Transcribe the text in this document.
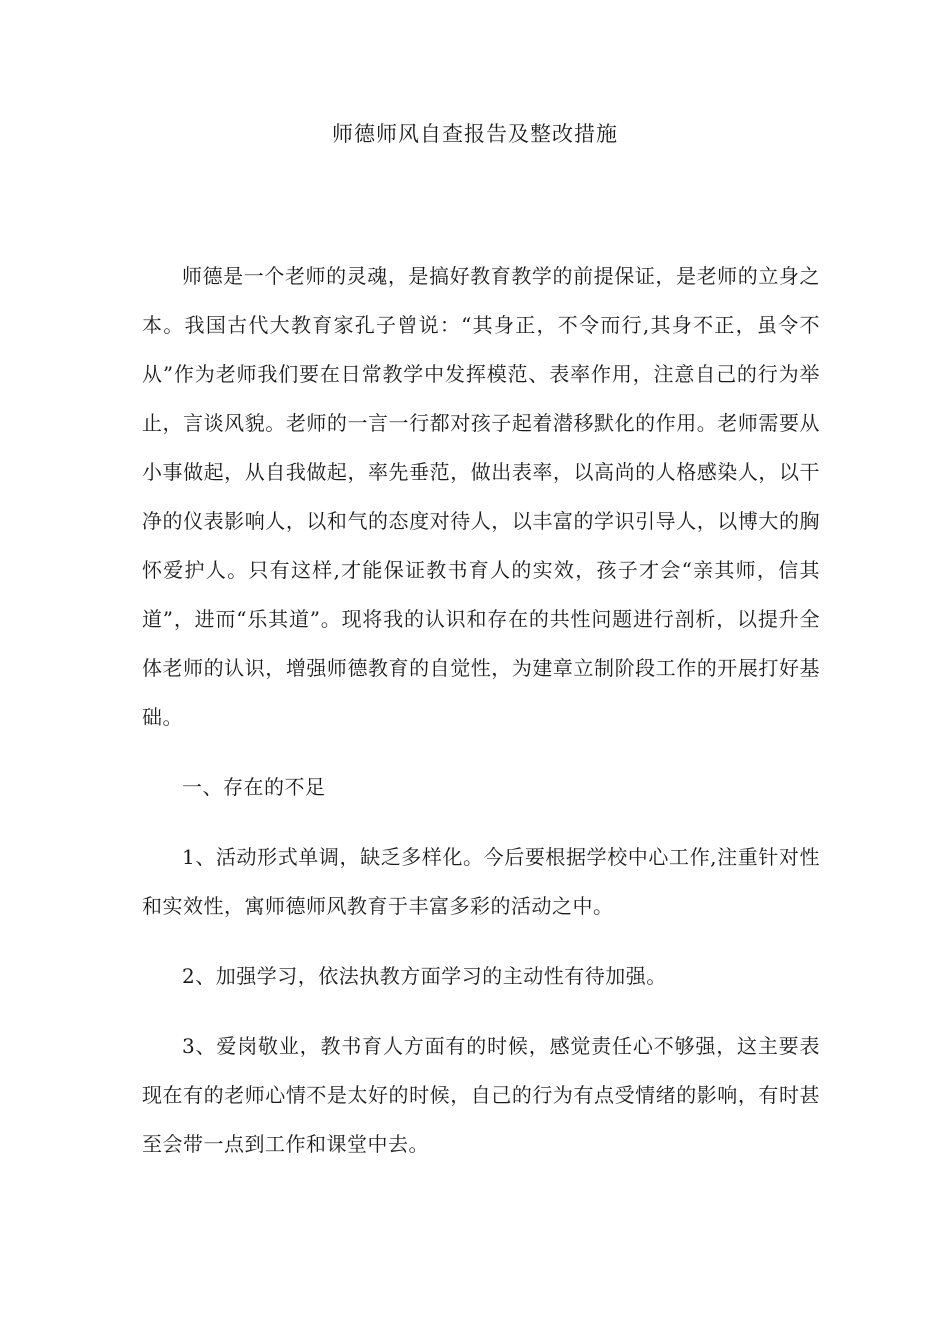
师德师风自查报告及整改措施

师德是一个老师的灵魂，是搞好教育教学的前提保证，是老师的立身之本。我国古代大教育家孔子曾说：“其身正，不令而行,其身不正，虽令不从”作为老师我们要在日常教学中发挥模范、表率作用，注意自己的行为举止，言谈风貌。老师的一言一行都对孩子起着潜移默化的作用。老师需要从小事做起，从自我做起，率先垂范，做出表率，以高尚的人格感染人，以干净的仪表影响人，以和气的态度对待人，以丰富的学识引导人，以博大的胸怀爱护人。只有这样,才能保证教书育人的实效，孩子才会“亲其师，信其道”，进而“乐其道”。现将我的认识和存在的共性问题进行剖析，以提升全体老师的认识，增强师德教育的自觉性，为建章立制阶段工作的开展打好基础。

一、存在的不足

1、活动形式单调，缺乏多样化。今后要根据学校中心工作,注重针对性和实效性，寓师德师风教育于丰富多彩的活动之中。

2、加强学习，依法执教方面学习的主动性有待加强。

3、爱岗敬业，教书育人方面有的时候，感觉责任心不够强，这主要表现在有的老师心情不是太好的时候，自己的行为有点受情绪的影响，有时甚至会带一点到工作和课堂中去。
